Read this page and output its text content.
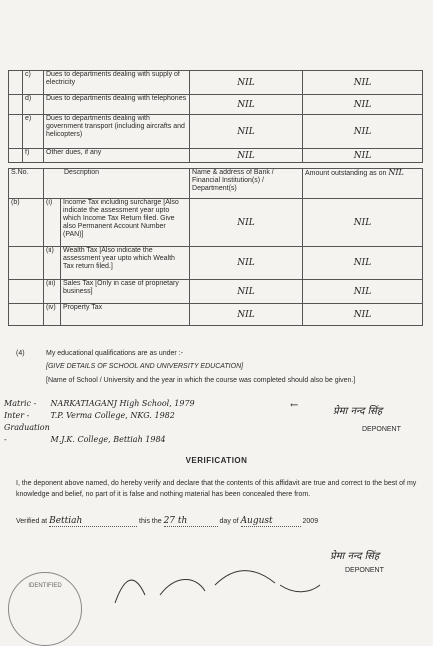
	c)	Dues to departments dealing with supply of electricity	NIL	NIL
	d)	Dues to departments dealing with telephones	NIL	NIL
	e)	Dues to departments dealing with government transport (including aircrafts and helicopters)	NIL	NIL
	f)	Other dues, if any	NIL	NIL
S.No.	Description		Name & address of Bank / Financial Institution(s) / Department(s)	Amount outstanding as on NIL
(b)	(i)	Income Tax including surcharge [Also indicate the assessment year upto which Income Tax Return filed. Give also Permanent Account Number (PAN)]	NIL	NIL
	(ii)	Wealth Tax [Also indicate the assessment year upto which Wealth Tax return filed.]	NIL	NIL
	(iii)	Sales Tax [Only in case of proprietary business]	NIL	NIL
	(iv)	Property Tax	NIL	NIL
(4)	My educational qualifications are as under :-
[GIVE DETAILS OF SCHOOL AND UNIVERSITY EDUCATION]
[Name of School / University and the year in which the course was completed should also be given.]
Matric - NARKATIAGANJ High School, 1979
Inter -	T.P. Verma College, NKG. 1982
Graduation -	M.J.K. College, Bettiah 1984
←
प्रेमा नन्द सिंह
DEPONENT
VERIFICATION
I, the deponent above named, do hereby verify and declare that the contents of this affidavit are true and correct to the best of my knowledge and belief, no part of it is false and nothing material has been concealed there from.
Verified at Bettiah	this the 27 th	day of August	2009
प्रेमा नन्द सिंह
DEPONENT
IDENTIFIED
